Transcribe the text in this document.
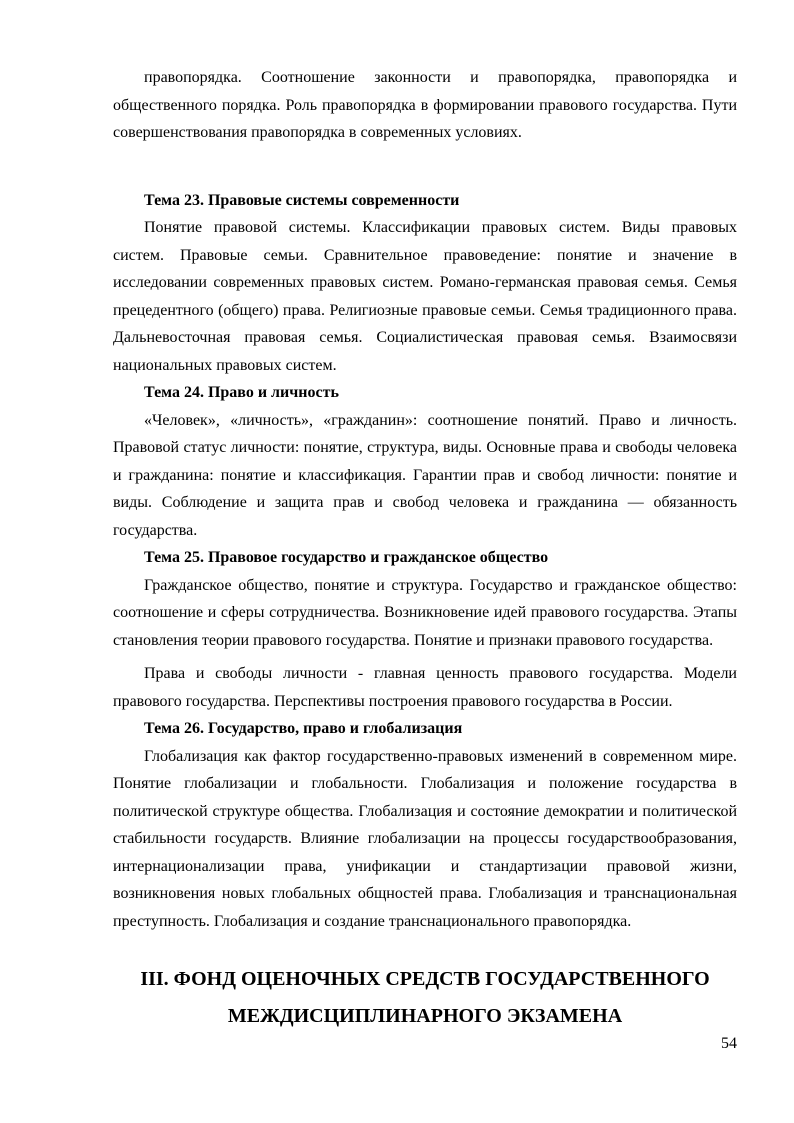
правопорядка. Соотношение законности и правопорядка, правопорядка и общественного порядка. Роль правопорядка в формировании правового государства. Пути совершенствования правопорядка в современных условиях.

Тема 23. Правовые системы современности

Понятие правовой системы. Классификации правовых систем. Виды правовых систем. Правовые семьи. Сравнительное правоведение: понятие и значение в исследовании современных правовых систем. Романо-германская правовая семья. Семья прецедентного (общего) права. Религиозные правовые семьи. Семья традиционного права. Дальневосточная правовая семья. Социалистическая правовая семья. Взаимосвязи национальных правовых систем.

Тема 24. Право и личность

«Человек», «личность», «гражданин»: соотношение понятий. Право и личность. Правовой статус личности: понятие, структура, виды. Основные права и свободы человека и гражданина: понятие и классификация. Гарантии прав и свобод личности: понятие и виды. Соблюдение и защита прав и свобод человека и гражданина — обязанность государства.

Тема 25. Правовое государство и гражданское общество

Гражданское общество, понятие и структура. Государство и гражданское общество: соотношение и сферы сотрудничества. Возникновение идей правового государства. Этапы становления теории правового государства. Понятие и признаки правового государства.

Права и свободы личности - главная ценность правового государства. Модели правового государства. Перспективы построения правового государства в России.

Тема 26. Государство, право и глобализация

Глобализация как фактор государственно-правовых изменений в современном мире. Понятие глобализации и глобальности. Глобализация и положение государства в политической структуре общества. Глобализация и состояние демократии и политической стабильности государств. Влияние глобализации на процессы государствообразования, интернационализации права, унификации и стандартизации правовой жизни, возникновения новых глобальных общностей права. Глобализация и транснациональная преступность. Глобализация и создание транснационального правопорядка.

III. ФОНД ОЦЕНОЧНЫХ СРЕДСТВ ГОСУДАРСТВЕННОГО МЕЖДИСЦИПЛИНАРНОГО ЭКЗАМЕНА

54
